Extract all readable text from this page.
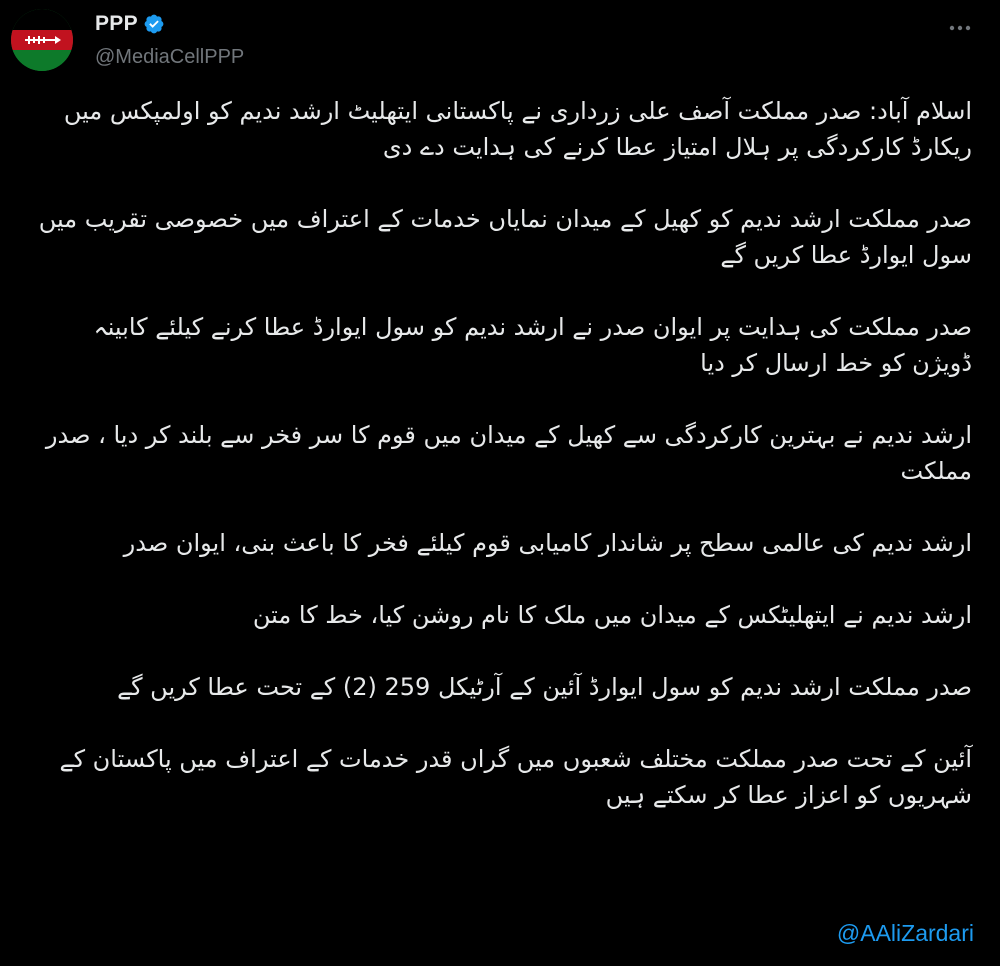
PPP
@MediaCellPPP

اسلام آباد: صدر مملکت آصف علی زرداری نے پاکستانی ایتھلیٹ ارشد ندیم کو اولمپکس میں ریکارڈ کارکردگی پر ہلال امتیاز عطا کرنے کی ہدایت دے دی

صدر مملکت ارشد ندیم کو کھیل کے میدان نمایاں خدمات کے اعتراف میں خصوصی تقریب میں سول ایوارڈ عطا کریں گے

صدر مملکت کی ہدایت پر ایوان صدر نے ارشد ندیم کو سول ایوارڈ عطا کرنے کیلئے کابینہ ڈویژن کو خط ارسال کر دیا

ارشد ندیم نے بہترین کارکردگی سے کھیل کے میدان میں قوم کا سر فخر سے بلند کر دیا ، صدر مملکت

ارشد ندیم کی عالمی سطح پر شاندار کامیابی قوم کیلئے فخر کا باعث بنی، ایوان صدر

ارشد ندیم نے ایتھلیٹکس کے میدان میں ملک کا نام روشن کیا، خط کا متن

صدر مملکت ارشد ندیم کو سول ایوارڈ آئین کے آرٹیکل 259 (2) کے تحت عطا کریں گے

آئین کے تحت صدر مملکت مختلف شعبوں میں گراں قدر خدمات کے اعتراف میں پاکستان کے شہریوں کو اعزاز عطا کر سکتے ہیں

@AAliZardari
